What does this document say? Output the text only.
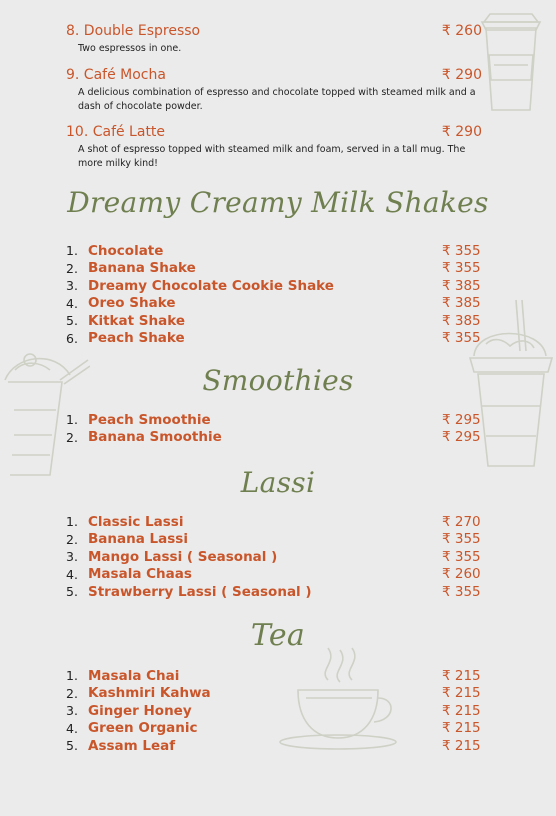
8. Double Espresso	₹ 260
Two espressos in one.
9. Café Mocha	₹ 290
A delicious combination of espresso and chocolate topped with steamed milk and a dash of chocolate powder.
10. Café Latte	₹ 290
A shot of espresso topped with steamed milk and foam, served in a tall mug. The more milky kind!
Dreamy Creamy Milk Shakes
1. Chocolate	₹ 355
2. Banana Shake	₹ 355
3. Dreamy Chocolate Cookie Shake	₹ 385
4. Oreo Shake	₹ 385
5. Kitkat Shake	₹ 385
6. Peach Shake	₹ 355
Smoothies
1. Peach Smoothie	₹ 295
2. Banana Smoothie	₹ 295
Lassi
1. Classic Lassi	₹ 270
2. Banana Lassi	₹ 355
3. Mango Lassi ( Seasonal )	₹ 355
4. Masala Chaas	₹ 260
5. Strawberry Lassi ( Seasonal )	₹ 355
Tea
1. Masala Chai	₹ 215
2. Kashmiri Kahwa	₹ 215
3. Ginger Honey	₹ 215
4. Green Organic	₹ 215
5. Assam Leaf	₹ 215
